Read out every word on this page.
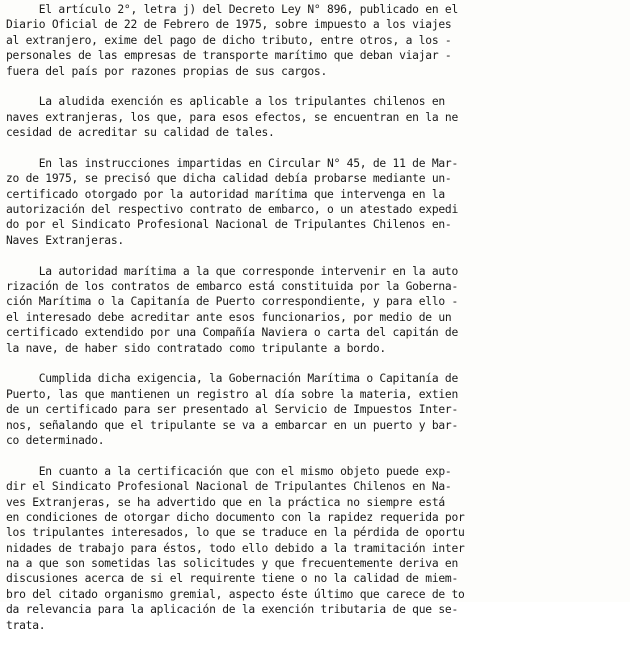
El artículo 2°, letra j) del Decreto Ley N° 896, publicado en el
Diario Oficial de 22 de Febrero de 1975, sobre impuesto a los viajes
al extranjero, exime del pago de dicho tributo, entre otros, a los -
personales de las empresas de transporte marítimo que deban viajar -
fuera del país por razones propias de sus cargos.
La aludida exención es aplicable a los tripulantes chilenos en
naves extranjeras, los que, para esos efectos, se encuentran en la ne
cesidad de acreditar su calidad de tales.
En las instrucciones impartidas en Circular N° 45, de 11 de Mar-
zo de 1975, se precisó que dicha calidad debía probarse mediante un-
certificado otorgado por la autoridad marítima que intervenga en la
autorización del respectivo contrato de embarco, o un atestado expedi
do por el Sindicato Profesional Nacional de Tripulantes Chilenos en-
Naves Extranjeras.
La autoridad marítima a la que corresponde intervenir en la auto
rización de los contratos de embarco está constituida por la Goberna-
ción Marítima o la Capitanía de Puerto correspondiente, y para ello -
el interesado debe acreditar ante esos funcionarios, por medio de un
certificado extendido por una Compañía Naviera o carta del capitán de
la nave, de haber sido contratado como tripulante a bordo.
Cumplida dicha exigencia, la Gobernación Marítima o Capitanía de
Puerto, las que mantienen un registro al día sobre la materia, extien
de un certificado para ser presentado al Servicio de Impuestos Inter-
nos, señalando que el tripulante se va a embarcar en un puerto y bar-
co determinado.
En cuanto a la certificación que con el mismo objeto puede exp-
dir el Sindicato Profesional Nacional de Tripulantes Chilenos en Na-
ves Extranjeras, se ha advertido que en la práctica no siempre está
en condiciones de otorgar dicho documento con la rapidez requerida por
los tripulantes interesados, lo que se traduce en la pérdida de oportu
nidades de trabajo para éstos, todo ello debido a la tramitación inter
na a que son sometidas las solicitudes y que frecuentemente deriva en
discusiones acerca de si el requirente tiene o no la calidad de miem-
bro del citado organismo gremial, aspecto éste último que carece de to
da relevancia para la aplicación de la exención tributaria de que se-
trata.
